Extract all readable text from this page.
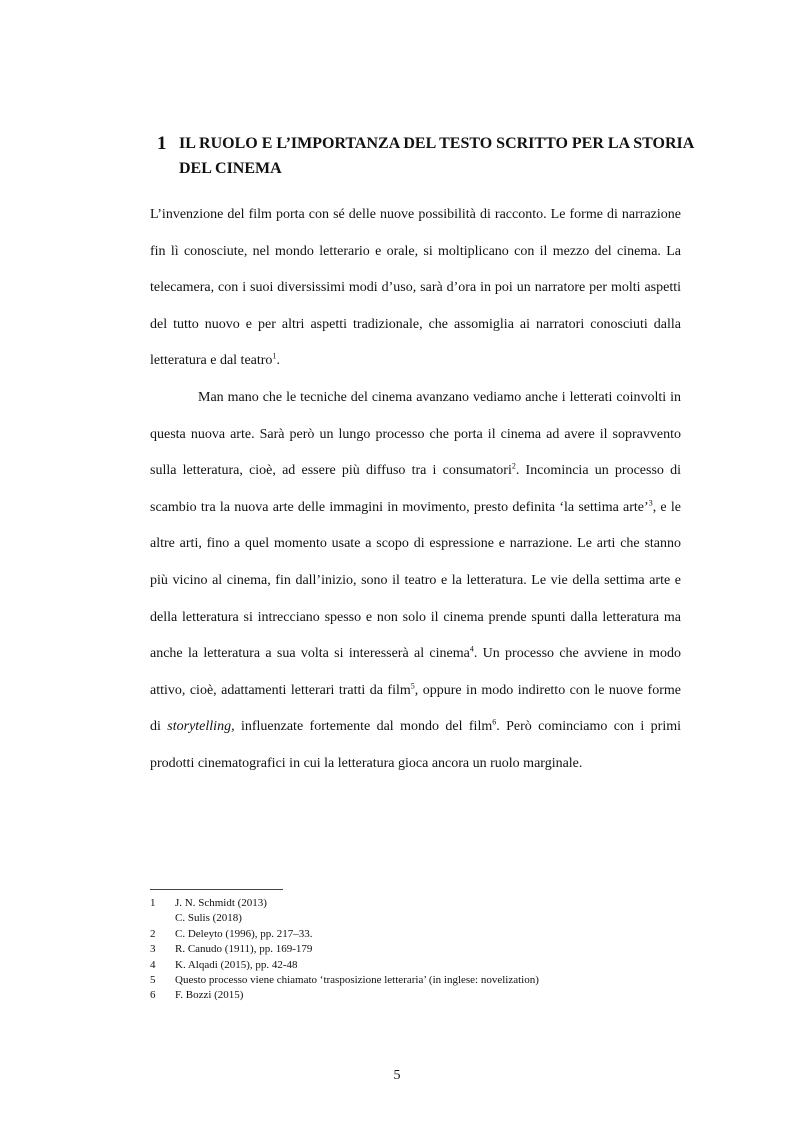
1 IL RUOLO E L’IMPORTANZA DEL TESTO SCRITTO PER LA STORIA DEL CINEMA

L’invenzione del film porta con sé delle nuove possibilità di racconto. Le forme di narrazione fin lì conosciute, nel mondo letterario e orale, si moltiplicano con il mezzo del cinema. La telecamera, con i suoi diversissimi modi d’uso, sarà d’ora in poi un narratore per molti aspetti del tutto nuovo e per altri aspetti tradizionale, che assomiglia ai narratori conosciuti dalla letteratura e dal teatro$^1$.

Man mano che le tecniche del cinema avanzano vediamo anche i letterati coinvolti in questa nuova arte. Sarà però un lungo processo che porta il cinema ad avere il sopravvento sulla letteratura, cioè, ad essere più diffuso tra i consumatori$^2$. Incomincia un processo di scambio tra la nuova arte delle immagini in movimento, presto definita ‘la settima arte’$^3$, e le altre arti, fino a quel momento usate a scopo di espressione e narrazione. Le arti che stanno più vicino al cinema, fin dall’inizio, sono il teatro e la letteratura. Le vie della settima arte e della letteratura si intrecciano spesso e non solo il cinema prende spunti dalla letteratura ma anche la letteratura a sua volta si interesserà al cinema$^4$. Un processo che avviene in modo attivo, cioè, adattamenti letterari tratti da film$^5$, oppure in modo indiretto con le nuove forme di storytelling, influenzate fortemente dal mondo del film$^6$. Però cominciamo con i primi prodotti cinematografici in cui la letteratura gioca ancora un ruolo marginale.

1	J. N. Schmidt (2013)
C. Sulis (2018)
2	C. Deleyto (1996), pp. 217–33.
3	R. Canudo (1911), pp. 169-179
4	K. Alqadi (2015), pp. 42-48
5	Questo processo viene chiamato ‘trasposizione letteraria’ (in inglese: novelization)
6	F. Bozzi (2015)
5
